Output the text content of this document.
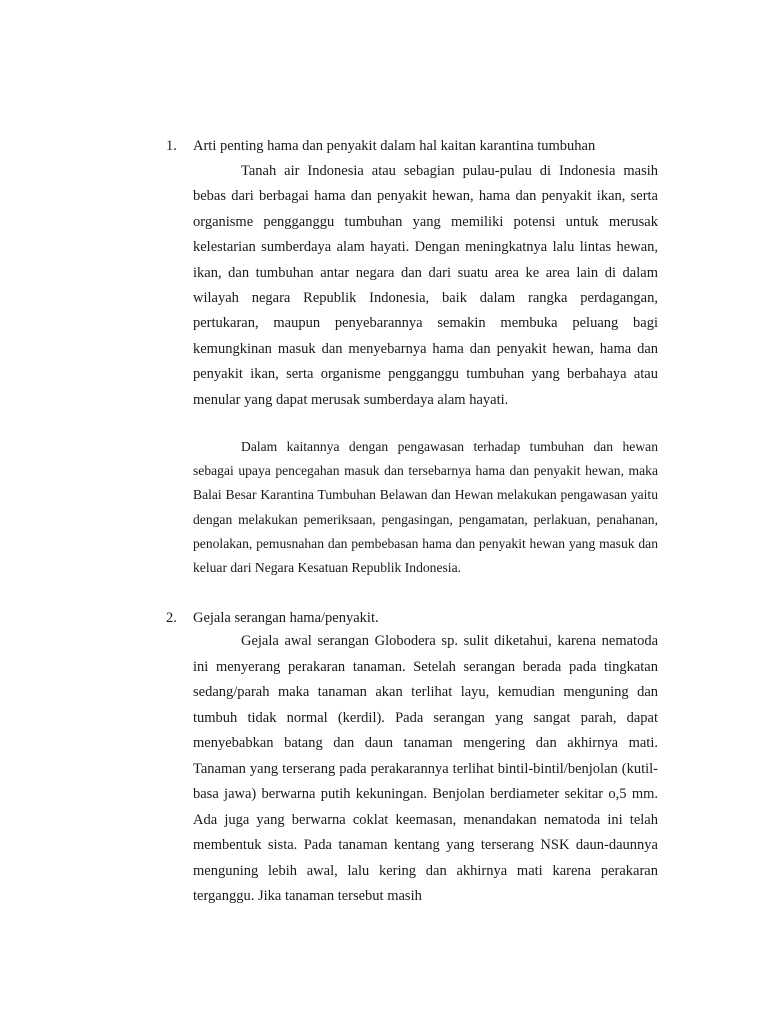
1. Arti penting hama dan penyakit dalam hal kaitan karantina tumbuhan

Tanah air Indonesia atau sebagian pulau-pulau di Indonesia masih bebas dari berbagai hama dan penyakit hewan, hama dan penyakit ikan, serta organisme pengganggu tumbuhan yang memiliki potensi untuk merusak kelestarian sumberdaya alam hayati. Dengan meningkatnya lalu lintas hewan, ikan, dan tumbuhan antar negara dan dari suatu area ke area lain di dalam wilayah negara Republik Indonesia, baik dalam rangka perdagangan, pertukaran, maupun penyebarannya semakin membuka peluang bagi kemungkinan masuk dan menyebarnya hama dan penyakit hewan, hama dan penyakit ikan, serta organisme pengganggu tumbuhan yang berbahaya atau menular yang dapat merusak sumberdaya alam hayati.

Dalam kaitannya dengan pengawasan terhadap tumbuhan dan hewan sebagai upaya pencegahan masuk dan tersebarnya hama dan penyakit hewan, maka Balai Besar Karantina Tumbuhan Belawan dan Hewan melakukan pengawasan yaitu dengan melakukan pemeriksaan, pengasingan, pengamatan, perlakuan, penahanan, penolakan, pemusnahan dan pembebasan hama dan penyakit hewan yang masuk dan keluar dari Negara Kesatuan Republik Indonesia.

2. Gejala serangan hama/penyakit.

Gejala awal serangan Globodera sp. sulit diketahui, karena nematoda ini menyerang perakaran tanaman. Setelah serangan berada pada tingkatan sedang/parah maka tanaman akan terlihat layu, kemudian menguning dan tumbuh tidak normal (kerdil). Pada serangan yang sangat parah, dapat menyebabkan batang dan daun tanaman mengering dan akhirnya mati. Tanaman yang terserang pada perakarannya terlihat bintil-bintil/benjolan (kutil-basa jawa) berwarna putih kekuningan. Benjolan berdiameter sekitar o,5 mm. Ada juga yang berwarna coklat keemasan, menandakan nematoda ini telah membentuk sista. Pada tanaman kentang yang terserang NSK daun-daunnya menguning lebih awal, lalu kering dan akhirnya mati karena perakaran terganggu. Jika tanaman tersebut masih
